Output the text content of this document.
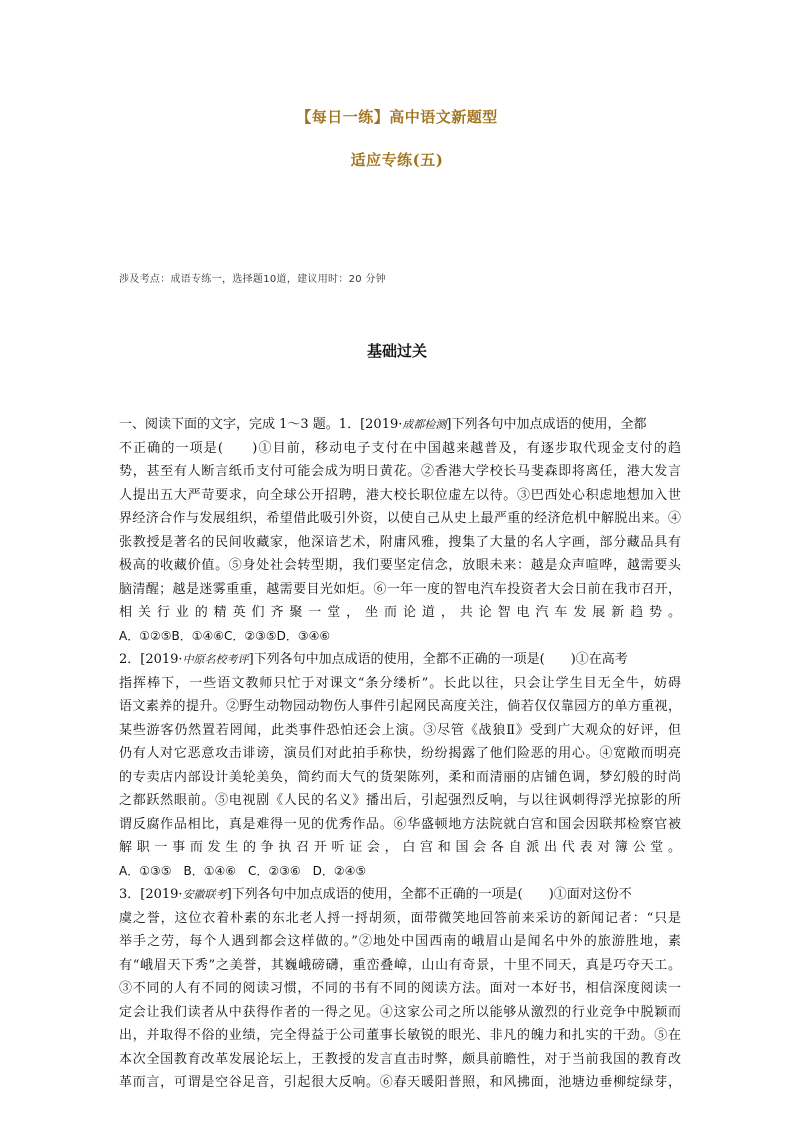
【每日一练】高中语文新题型
适应专练(五)
涉及考点：成语专练一，选择题10道，建议用时：20 分钟
基础过关
一、阅读下面的文字，完成 1～3 题。1．[2019·成都检测]下列各句中加点成语的使用，全都
不正确的一项是(　　)①目前，移动电子支付在中国越来越普及，有逐步取代现金支付的趋
势，甚至有人断言纸币支付可能会成为明日黄花。②香港大学校长马斐森即将离任，港大发言
人提出五大严苛要求，向全球公开招聘，港大校长职位虚左以待。③巴西处心积虑地想加入世
界经济合作与发展组织，希望借此吸引外资，以使自己从史上最严重的经济危机中解脱出来。④
张教授是著名的民间收藏家，他深谙艺术，附庸风雅，搜集了大量的名人字画，部分藏品具有
极高的收藏价值。⑤身处社会转型期，我们要坚定信念，放眼未来：越是众声喧哗，越需要头
脑清醒；越是迷雾重重，越需要目光如炬。⑥一年一度的智电汽车投资者大会日前在我市召开，
相关行业的精英们齐聚一堂，坐而论道，共论智电汽车发展新趋势。
A．①②⑤B．①④⑥C．②③⑤D．③④⑥
2．[2019·中原名校考评]下列各句中加点成语的使用，全都不正确的一项是(　　)①在高考
指挥棒下，一些语文教师只忙于对课文“条分缕析”。长此以往，只会让学生目无全牛，妨碍
语文素养的提升。②野生动物园动物伤人事件引起网民高度关注，倘若仅仅靠园方的单方重视，
某些游客仍然置若罔闻，此类事件恐怕还会上演。③尽管《战狼Ⅱ》受到广大观众的好评，但
仍有人对它恶意攻击诽谤，演员们对此拍手称快，纷纷揭露了他们险恶的用心。④宽敞而明亮
的专卖店内部设计美轮美奂，简约而大气的货架陈列，柔和而清丽的店铺色调，梦幻般的时尚
之都跃然眼前。⑤电视剧《人民的名义》播出后，引起强烈反响，与以往讽刺得浮光掠影的所
谓反腐作品相比，真是难得一见的优秀作品。⑥华盛顿地方法院就白宫和国会因联邦检察官被
解职一事而发生的争执召开听证会，白宫和国会各自派出代表对簿公堂。
A．①③⑤　B．①④⑥　C．②③⑥　D．②④⑤
3．[2019·安徽联考]下列各句中加点成语的使用，全都不正确的一项是(　　)①面对这份不
虞之誉，这位衣着朴素的东北老人捋一捋胡须，面带微笑地回答前来采访的新闻记者：“只是
举手之劳，每个人遇到都会这样做的。”②地处中国西南的峨眉山是闻名中外的旅游胜地，素
有“峨眉天下秀”之美誉，其巍峨磅礴，重峦叠嶂，山山有奇景，十里不同天，真是巧夺天工。
③不同的人有不同的阅读习惯，不同的书有不同的阅读方法。面对一本好书，相信深度阅读一
定会让我们读者从中获得作者的一得之见。④这家公司之所以能够从激烈的行业竞争中脱颖而
出，并取得不俗的业绩，完全得益于公司董事长敏锐的眼光、非凡的魄力和扎实的干劲。⑤在
本次全国教育改革发展论坛上，王教授的发言直击时弊，颇具前瞻性，对于当前我国的教育改
革而言，可谓是空谷足音，引起很大反响。⑥春天暖阳普照，和风拂面，池塘边垂柳绽绿芽，
